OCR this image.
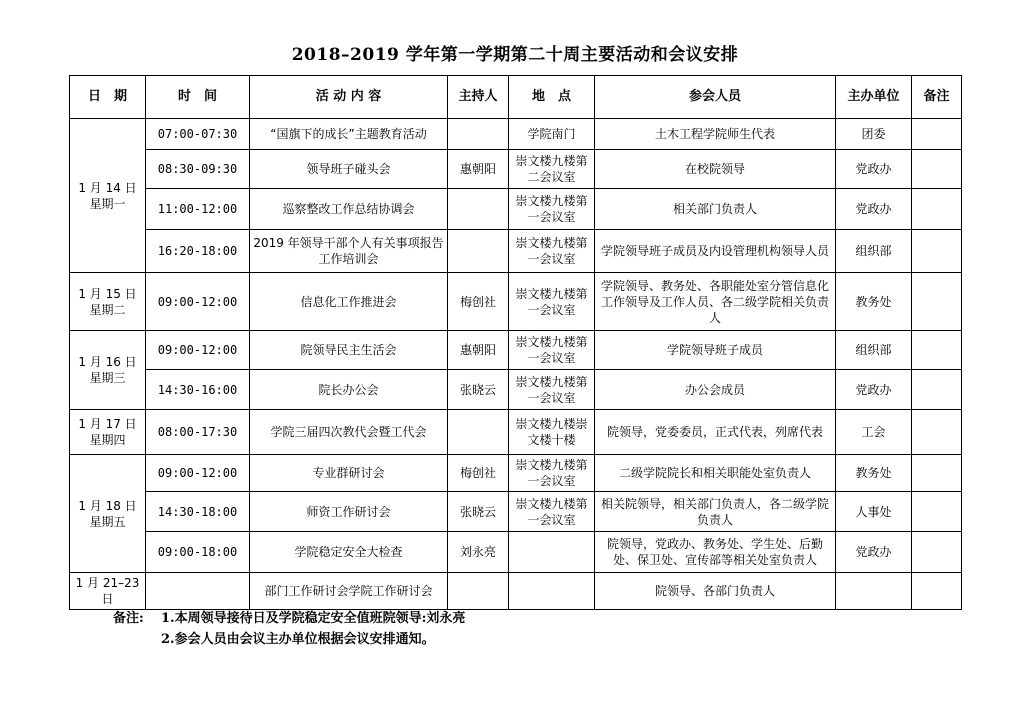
2018–2019 学年第一学期第二十周主要活动和会议安排
日　期	时　间	活 动 内 容	主持人	地　点	参会人员	主办单位	备注

1 月 14 日
星期一	07:00-07:30	“国旗下的成长”主题教育活动		学院南门	土木工程学院师生代表	团委	
	08:30-09:30	领导班子碰头会	惠朝阳	崇文楼九楼第二会议室	在校院领导	党政办	
	11:00-12:00	巡察整改工作总结协调会		崇文楼九楼第一会议室	相关部门负责人	党政办	
	16:20-18:00	2019 年领导干部个人有关事项报告工作培训会		崇文楼九楼第一会议室	学院领导班子成员及内设管理机构领导人员	组织部	

1 月 15 日
星期二	09:00-12:00	信息化工作推进会	梅创社	崇文楼九楼第一会议室	学院领导、教务处、各职能处室分管信息化工作领导及工作人员、各二级学院相关负责人	教务处	

1 月 16 日
星期三	09:00-12:00	院领导民主生活会	惠朝阳	崇文楼九楼第一会议室	学院领导班子成员	组织部	
	14:30-16:00	院长办公会	张晓云	崇文楼九楼第一会议室	办公会成员	党政办	

1 月 17 日
星期四	08:00-17:30	学院三届四次教代会暨工代会		崇文楼九楼崇文楼十楼	院领导，党委委员，正式代表，列席代表	工会	

1 月 18 日
星期五	09:00-12:00	专业群研讨会	梅创社	崇文楼九楼第一会议室	二级学院院长和相关职能处室负责人	教务处	
	14:30-18:00	师资工作研讨会	张晓云	崇文楼九楼第一会议室	相关院领导，相关部门负责人，各二级学院负责人	人事处	
	09:00-18:00	学院稳定安全大检查	刘永亮		院领导，党政办、教务处、学生处、后勤处、保卫处、宣传部等相关处室负责人	党政办	

1 月 21–23
日		部门工作研讨会学院工作研讨会			院领导、各部门负责人		
备注: 1.本周领导接待日及学院稳定安全值班院领导:刘永亮
2.参会人员由会议主办单位根据会议安排通知。
